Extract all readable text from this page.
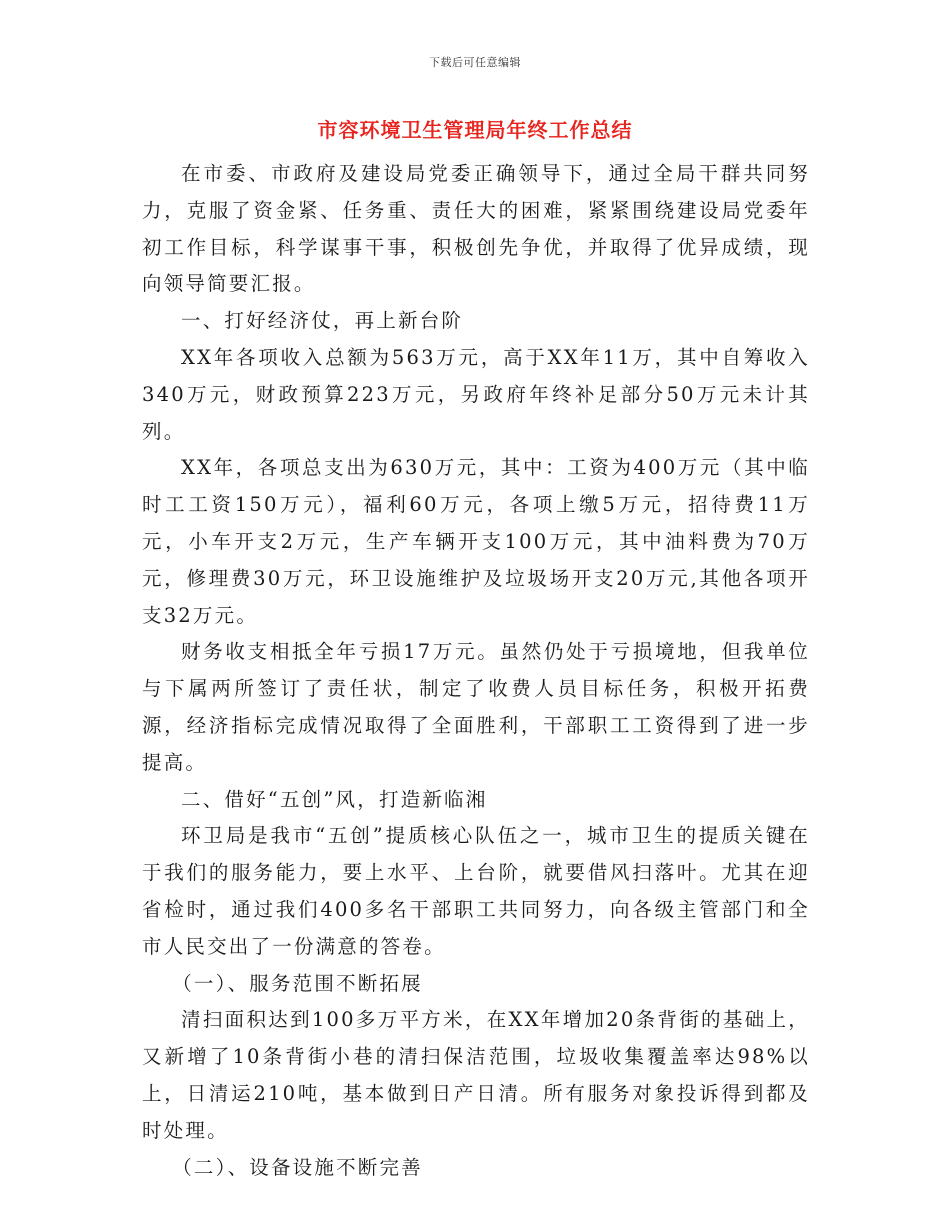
下载后可任意编辑
市容环境卫生管理局年终工作总结

在市委、市政府及建设局党委正确领导下，通过全局干群共同努力，克服了资金紧、任务重、责任大的困难，紧紧围绕建设局党委年初工作目标，科学谋事干事，积极创先争优，并取得了优异成绩，现向领导简要汇报。

一、打好经济仗，再上新台阶

XX年各项收入总额为563万元，高于XX年11万，其中自筹收入340万元，财政预算223万元，另政府年终补足部分50万元未计其列。

XX年，各项总支出为630万元，其中：工资为400万元（其中临时工工资150万元），福利60万元，各项上缴5万元，招待费11万元，小车开支2万元，生产车辆开支100万元，其中油料费为70万元，修理费30万元，环卫设施维护及垃圾场开支20万元,其他各项开支32万元。

财务收支相抵全年亏损17万元。虽然仍处于亏损境地，但我单位与下属两所签订了责任状，制定了收费人员目标任务，积极开拓费源，经济指标完成情况取得了全面胜利，干部职工工资得到了进一步提高。

二、借好“五创”风，打造新临湘

环卫局是我市“五创”提质核心队伍之一，城市卫生的提质关键在于我们的服务能力，要上水平、上台阶，就要借风扫落叶。尤其在迎省检时，通过我们400多名干部职工共同努力，向各级主管部门和全市人民交出了一份满意的答卷。

（一）、服务范围不断拓展

清扫面积达到100多万平方米，在XX年增加20条背街的基础上，又新增了10条背街小巷的清扫保洁范围，垃圾收集覆盖率达98%以上，日清运210吨，基本做到日产日清。所有服务对象投诉得到都及时处理。

（二）、设备设施不断完善
